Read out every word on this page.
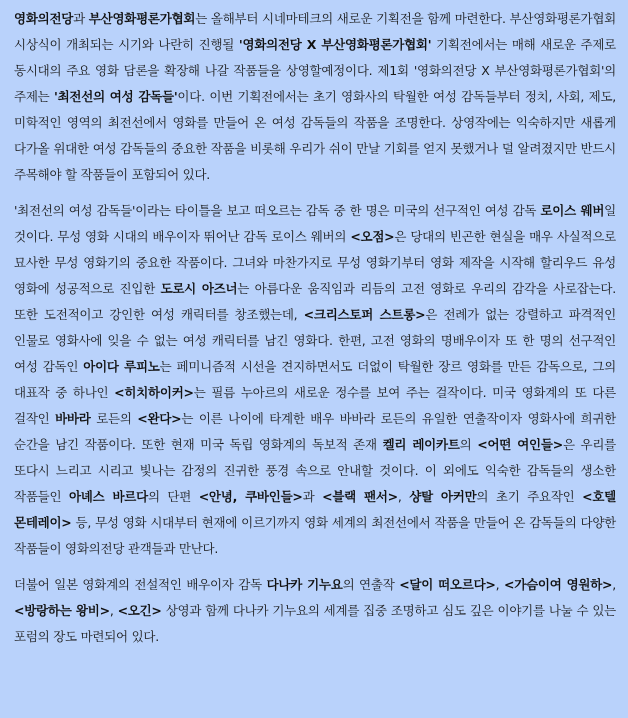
영화의전당과 부산영화평론가협회는 올해부터 시네마테크의 새로운 기획전을 함께 마련한다. 부산영화평론가협회 시상식이 개최되는 시기와 나란히 진행될 '영화의전당 X 부산영화평론가협회' 기획전에서는 매해 새로운 주제로 동시대의 주요 영화 담론을 확장해 나갈 작품들을 상영할예정이다. 제1회 '영화의전당 X 부산영화평론가협회'의 주제는 '최전선의 여성 감독들'이다. 이번 기획전에서는 초기 영화사의 탁월한 여성 감독들부터 정치, 사회, 제도, 미학적인 영역의 최전선에서 영화를 만들어 온 여성 감독들의 작품을 조명한다. 상영작에는 익숙하지만 새롭게 다가올 위대한 여성 감독들의 중요한 작품을 비롯해 우리가 쉬이 만날 기회를 얻지 못했거나 덜 알려졌지만 반드시 주목해야 할 작품들이 포함되어 있다.

'최전선의 여성 감독들'이라는 타이틀을 보고 떠오르는 감독 중 한 명은 미국의 선구적인 여성 감독 로이스 웨버일 것이다. 무성 영화 시대의 배우이자 뛰어난 감독 로이스 웨버의 <오점>은 당대의 빈곤한 현실을 매우 사실적으로 묘사한 무성 영화기의 중요한 작품이다. 그녀와 마찬가지로 무성 영화기부터 영화 제작을 시작해 할리우드 유성 영화에 성공적으로 진입한 도로시 아즈너는 아름다운 움직임과 리듬의 고전 영화로 우리의 감각을 사로잡는다. 또한 도전적이고 강인한 여성 캐릭터를 창조했는데, <크리스토퍼 스트롱>은 전례가 없는 강렬하고 파격적인 인물로 영화사에 잊을 수 없는 여성 캐릭터를 남긴 영화다. 한편, 고전 영화의 명배우이자 또 한 명의 선구적인 여성 감독인 아이다 루피노는 페미니즘적 시선을 견지하면서도 더없이 탁월한 장르 영화를 만든 감독으로, 그의 대표작 중 하나인 <히치하이커>는 필름 누아르의 새로운 정수를 보여 주는 걸작이다. 미국 영화계의 또 다른 걸작인 바바라 로든의 <완다>는 이른 나이에 타계한 배우 바바라 로든의 유일한 연출작이자 영화사에 희귀한 순간을 남긴 작품이다. 또한 현재 미국 독립 영화계의 독보적 존재 켈리 레이카트의 <어떤 여인들>은 우리를 또다시 느리고 시리고 빛나는 감정의 진귀한 풍경 속으로 안내할 것이다. 이 외에도 익숙한 감독들의 생소한 작품들인 아녜스 바르다의 단편 <안녕, 쿠바인들>과 <블랙 팬서>, 샹탈 아커만의 초기 주요작인 <호텔 몬테레이> 등, 무성 영화 시대부터 현재에 이르기까지 영화 세계의 최전선에서 작품을 만들어 온 감독들의 다양한 작품들이 영화의전당 관객들과 만난다.

더불어 일본 영화계의 전설적인 배우이자 감독 다나카 기누요의 연출작 <달이 떠오르다>, <가슴이여 영원하>, <방랑하는 왕비>, <오긴> 상영과 함께 다나카 기누요의 세계를 집중 조명하고 심도 깊은 이야기를 나눌 수 있는 포럼의 장도 마련되어 있다.
